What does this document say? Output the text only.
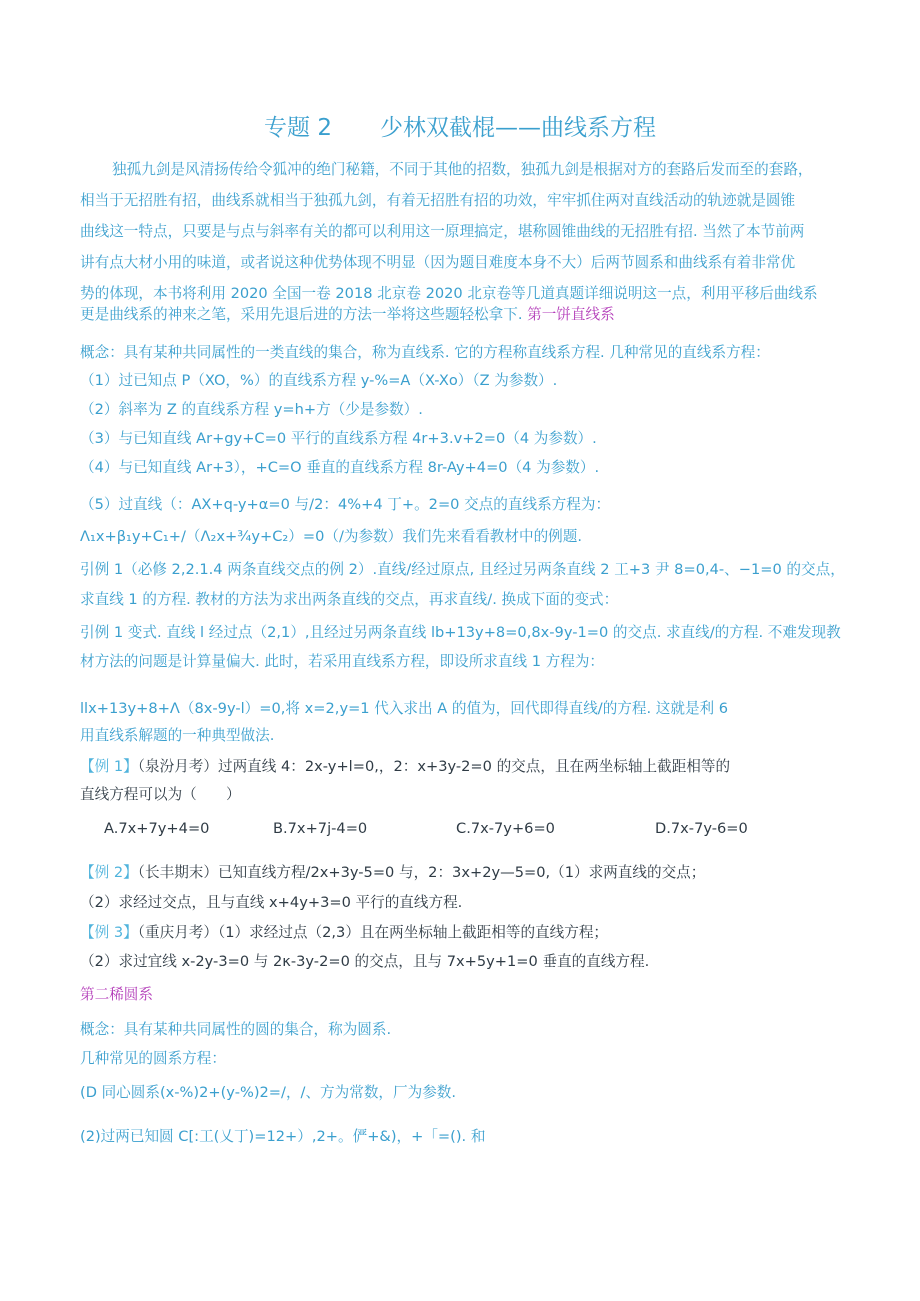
专题 2 少林双截棍——曲线系方程
独孤九剑是风清扬传给令狐冲的绝门秘籍，不同于其他的招数，独孤九剑是根据对方的套路后发而至的套路，
相当于无招胜有招，曲线系就相当于独孤九剑，有着无招胜有招的功效，牢牢抓住两对直线活动的轨迹就是圆锥
曲线这一特点，只要是与点与斜率有关的都可以利用这一原理搞定，堪称圆锥曲线的无招胜有招. 当然了本节前两
讲有点大材小用的味道，或者说这种优势体现不明显（因为题目难度本身不大）后两节圆系和曲线系有着非常优
势的体现，本书将利用 2020 全国一卷 2018 北京卷 2020 北京卷等几道真题详细说明这一点，利用平移后曲线系
更是曲线系的神来之笔，采用先退后进的方法一举将这些题轻松拿下. 第一饼直线系
概念：具有某种共同属性的一类直线的集合，称为直线系. 它的方程称直线系方程. 几种常见的直线系方程：
（1）过已知点 P（XO，%）的直线系方程 y-%=A（X-Xo）（Z 为参数）.
（2）斜率为 Z 的直线系方程 y=h+方（少是参数）.
（3）与已知直线 Ar+gy+C=0 平行的直线系方程 4r+3.v+2=0（4 为参数）.
（4）与已知直线 Ar+3），+C=O 垂直的直线系方程 8r-Ay+4=0（4 为参数）.
（5）过直线（：AX+q-y+α=0 与/2：4%+4 丁+。2=0 交点的直线系方程为：
Λ₁x+β₁y+C₁+/（Λ₂x+¾y+C₂）=0（/为参数）我们先来看看教材中的例题.
引例 1（必修 2,2.1.4 两条直线交点的例 2）.直线/经过原点, 且经过另两条直线 2 工+3 尹 8=0,4-、−1=0 的交点，
求直线 1 的方程. 教材的方法为求出两条直线的交点，再求直线/. 换成下面的变式：
引例 1 变式. 直线 l 经过点（2,1）,且经过另两条直线 lb+13y+8=0,8x-9y-1=0 的交点. 求直线/的方程. 不难发现教
材方法的问题是计算量偏大. 此时，若采用直线系方程，即设所求直线 1 方程为：
llx+13y+8+Λ（8x-9y-l）=0,将 x=2,y=1 代入求出 A 的值为，回代即得直线/的方程. 这就是利 6
用直线系解题的一种典型做法.
【例 1】（泉汾月考）过两直线 4：2x-y+l=0,，2：x+3y-2=0 的交点，且在两坐标轴上截距相等的
直线方程可以为（　　）
A.7x+7y+4=0	B.7x+7j-4=0	C.7x-7y+6=0	D.7x-7y-6=0
【例 2】（长丰期末）已知直线方程/2x+3y-5=0 与，2：3x+2y—5=0,（1）求两直线的交点；
（2）求经过交点，且与直线 x+4y+3=0 平行的直线方程.
【例 3】（重庆月考）（1）求经过点（2,3）且在两坐标轴上截距相等的直线方程；
（2）求过宜线 x-2y-3=0 与 2κ-3y-2=0 的交点，且与 7x+5y+1=0 垂直的直线方程.
第二稀圆系
概念：具有某种共同属性的圆的集合，称为圆系.
几种常见的圆系方程：
(D 同心圆系(x-%)2+(y-%)2=/，/、方为常数，厂为参数.
(2)过两已知圆 C[:工(乂丁)=12+）,2+。俨+&)，+「=(). 和
